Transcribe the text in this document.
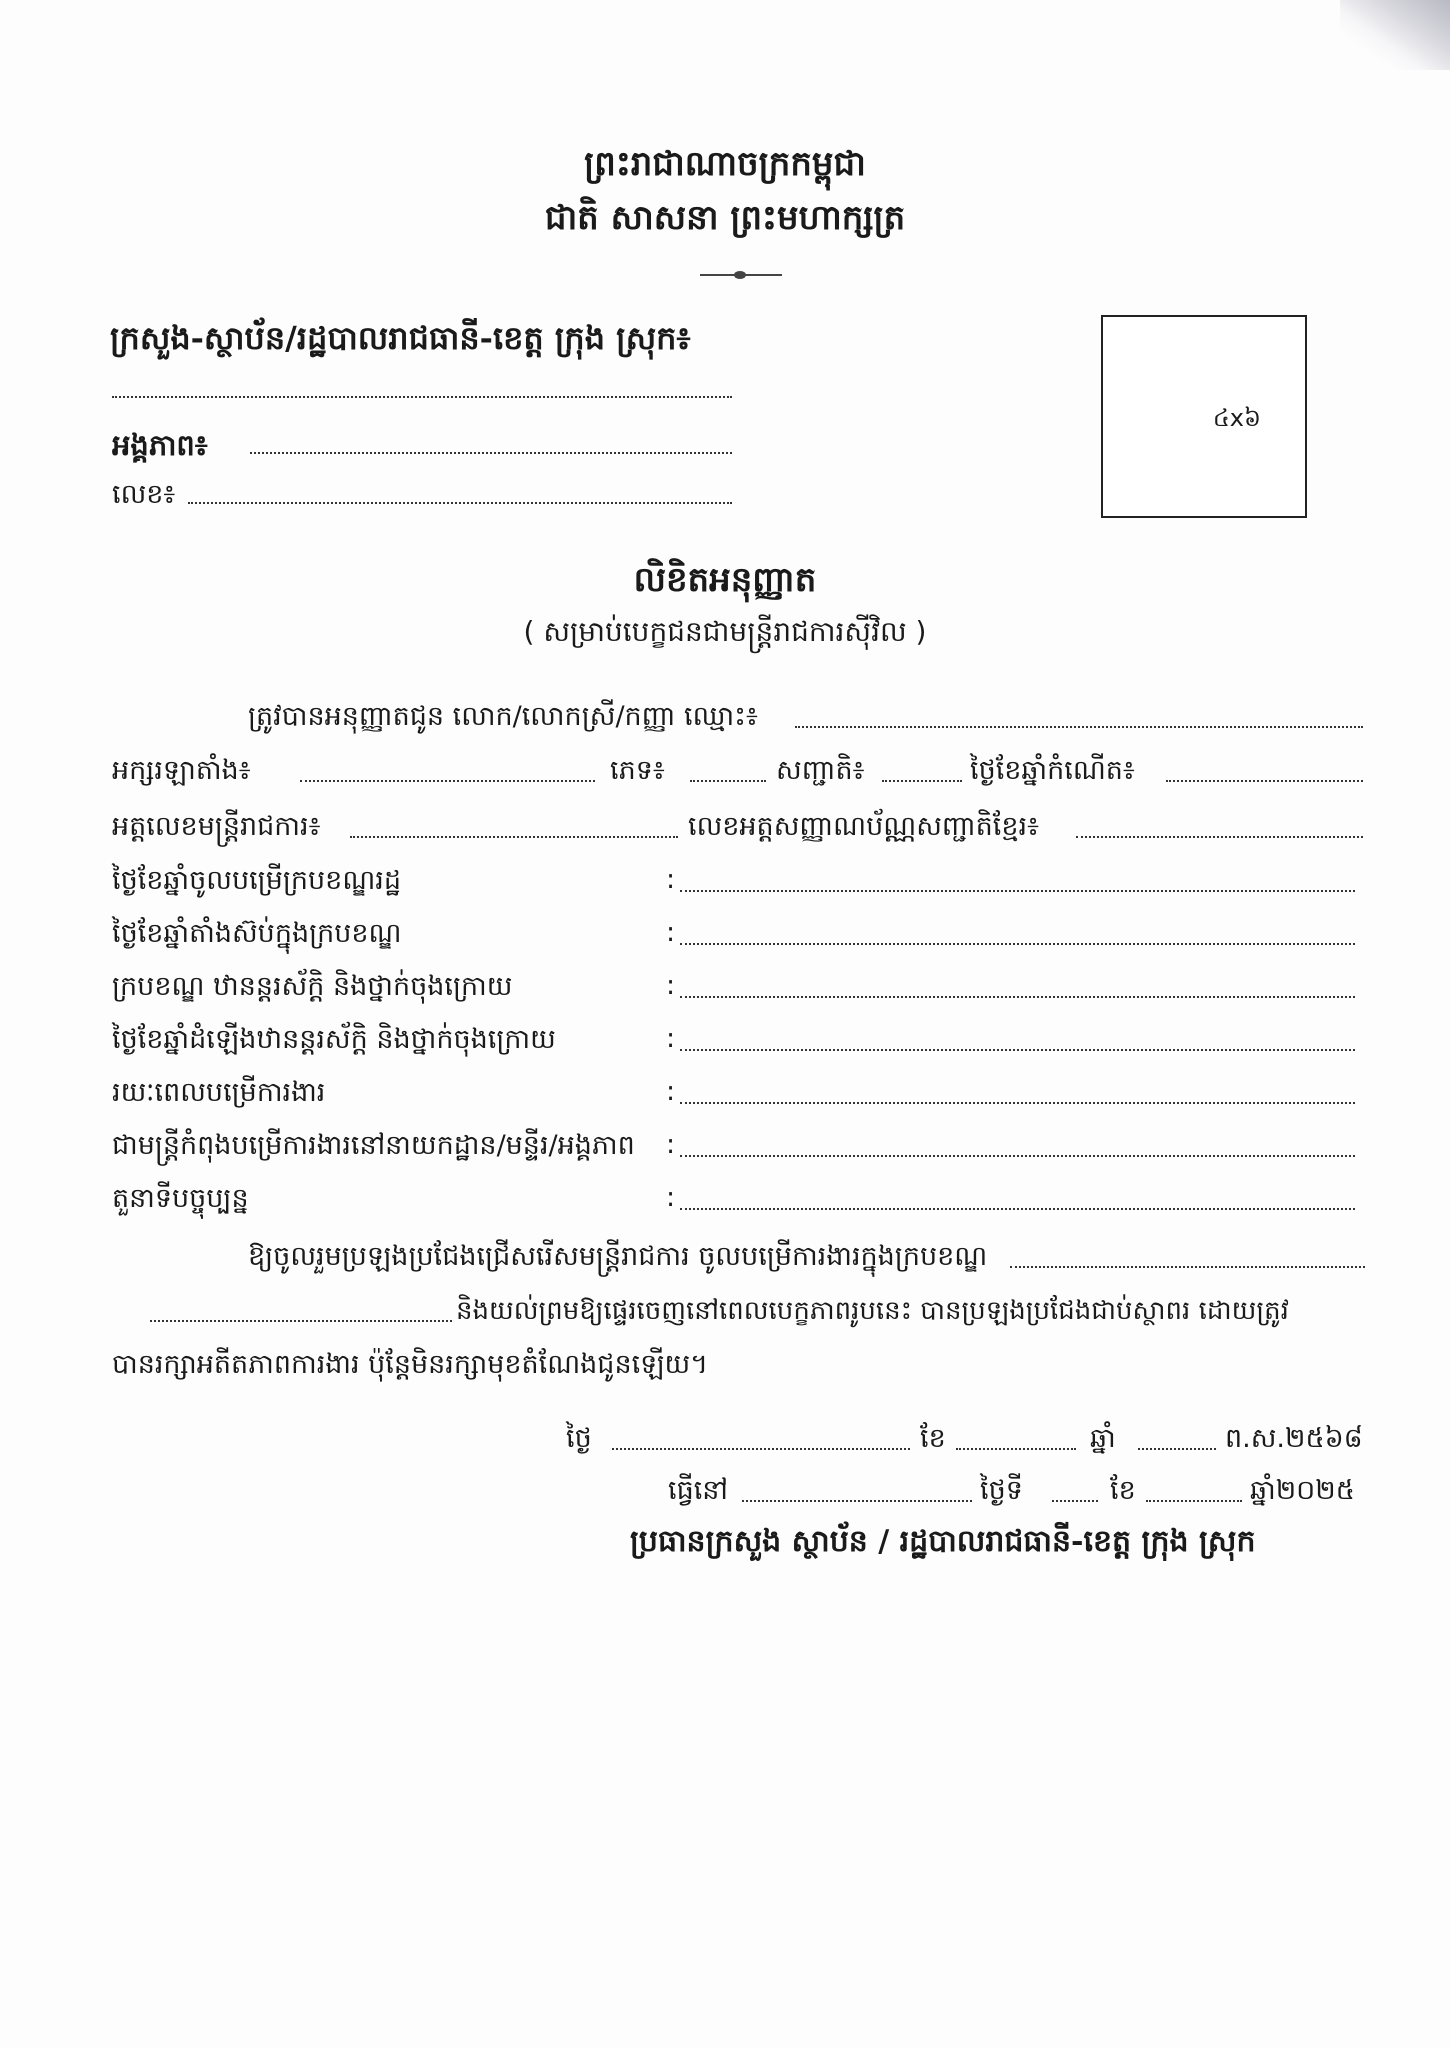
ព្រះរាជាណាចក្រកម្ពុជា
ជាតិ សាសនា ព្រះមហាក្សត្រ
ក្រសួង-ស្ថាប័ន/រដ្ឋបាលរាជធានី-ខេត្ត ក្រុង ស្រុក៖
អង្គភាព៖
លេខ៖
៤x៦
លិខិតអនុញ្ញាត
( សម្រាប់បេក្ខជនជាមន្ត្រីរាជការស៊ីវិល )
ត្រូវបានអនុញ្ញាតជូន លោក/លោកស្រី/កញ្ញា ឈ្មោះ៖
អក្សរឡាតាំង៖	ភេទ៖	សញ្ជាតិ៖	ថ្ងៃខែឆ្នាំកំណើត៖
អត្តលេខមន្ត្រីរាជការ៖	លេខអត្តសញ្ញាណប័ណ្ណសញ្ជាតិខ្មែរ៖
ថ្ងៃខែឆ្នាំចូលបម្រើក្របខណ្ឌរដ្ឋ	:
ថ្ងៃខែឆ្នាំតាំងស៊ប់ក្នុងក្របខណ្ឌ	:
ក្របខណ្ឌ ឋានន្តរស័ក្តិ និងថ្នាក់ចុងក្រោយ	:
ថ្ងៃខែឆ្នាំដំឡើងឋានន្តរស័ក្តិ និងថ្នាក់ចុងក្រោយ	:
រយៈពេលបម្រើការងារ	:
ជាមន្ត្រីកំពុងបម្រើការងារនៅនាយកដ្ឋាន/មន្ទីរ/អង្គភាព :
តួនាទីបច្ចុប្បន្ន	:
ឱ្យចូលរួមប្រឡងប្រជែងជ្រើសរើសមន្ត្រីរាជការ ចូលបម្រើការងារក្នុងក្របខណ្ឌ
និងយល់ព្រមឱ្យផ្ទេរចេញនៅពេលបេក្ខភាពរូបនេះ បានប្រឡងប្រជែងជាប់ស្ថាពរ ដោយត្រូវ
បានរក្សាអតីតភាពការងារ ប៉ុន្តែមិនរក្សាមុខតំណែងជូនឡើយ។
ថ្ងៃ	ខែ	ឆ្នាំ	ព.ស.២៥៦៨
ធ្វើនៅ	ថ្ងៃទី	ខែ	ឆ្នាំ២០២៥
ប្រធានក្រសួង ស្ថាប័ន / រដ្ឋបាលរាជធានី-ខេត្ត ក្រុង ស្រុក
